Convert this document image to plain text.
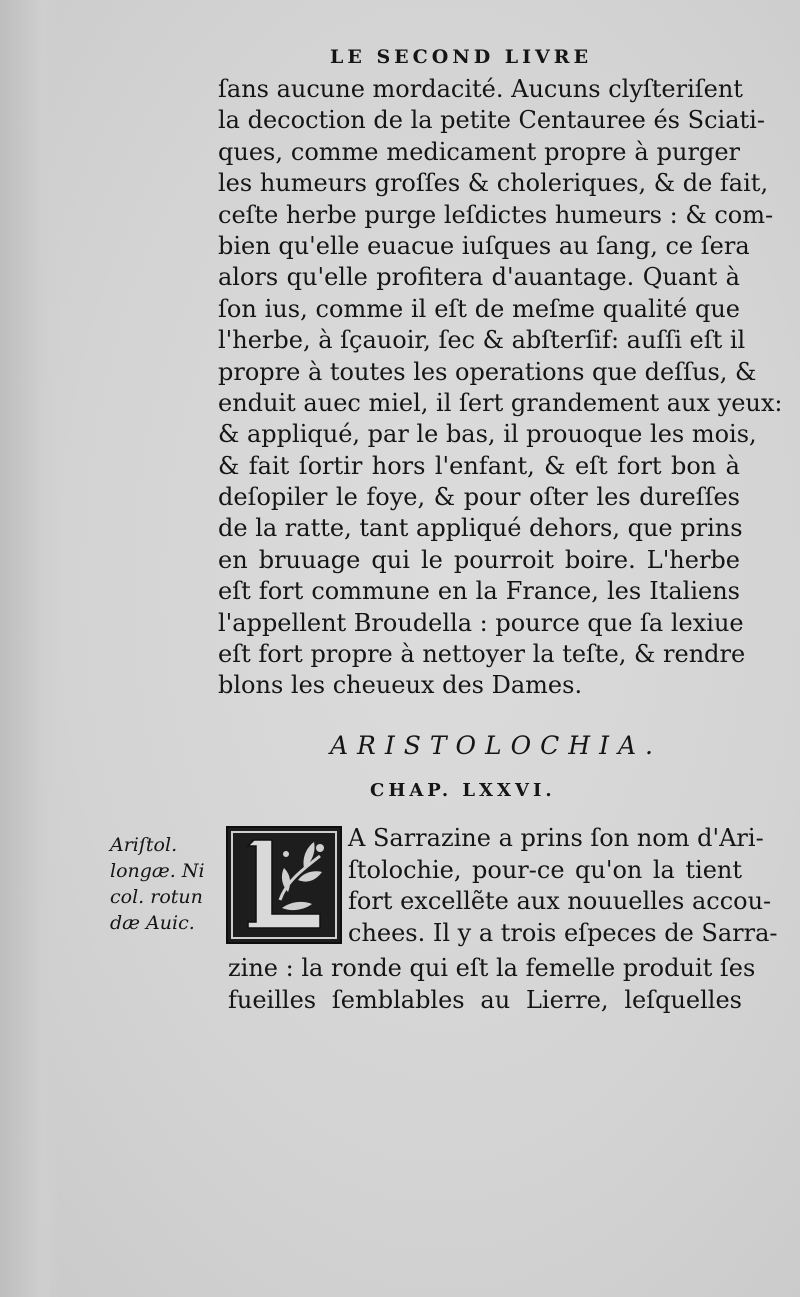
LE SECOND LIVRE
ſans aucune mordacité. Aucuns clyſteriſent
la decoction de la petite Centauree és Sciati-
ques, comme medicament propre à purger
les humeurs groſſes & choleriques, & de fait,
ceſte herbe purge leſdictes humeurs : & com-
bien qu'elle euacue iuſques au ſang, ce ſera
alors qu'elle profitera d'auantage. Quant à
ſon ius, comme il eſt de meſme qualité que
l'herbe, à ſçauoir, ſec & abſterſif: auſſi eſt il
propre à toutes les operations que deſſus, &
enduit auec miel, il ſert grandement aux yeux:
& appliqué, par le bas, il prouoque les mois,
& fait ſortir hors l'enfant, & eſt fort bon à
deſopiler le foye, & pour oſter les dureſſes
de la ratte, tant appliqué dehors, que prins
en bruuage qui le pourroit boire. L'herbe
eſt fort commune en la France, les Italiens
l'appellent Broudella : pource que ſa lexiue
eſt fort propre à nettoyer la teſte, & rendre
blons les cheueux des Dames.
ARISTOLOCHIA.
CHAP. LXXVI.
Ariſtol.
longæ. Ni
col. rotun
dæ Auic.
A Sarrazine a prins ſon nom d'Ari-
ſtolochie, pour-ce qu'on la tient
fort excellẽte aux nouuelles accou-
chees. Il y a trois eſpeces de Sarra-
zine : la ronde qui eſt la femelle produit ſes
fueilles ſemblables au Lierre, leſquelles
